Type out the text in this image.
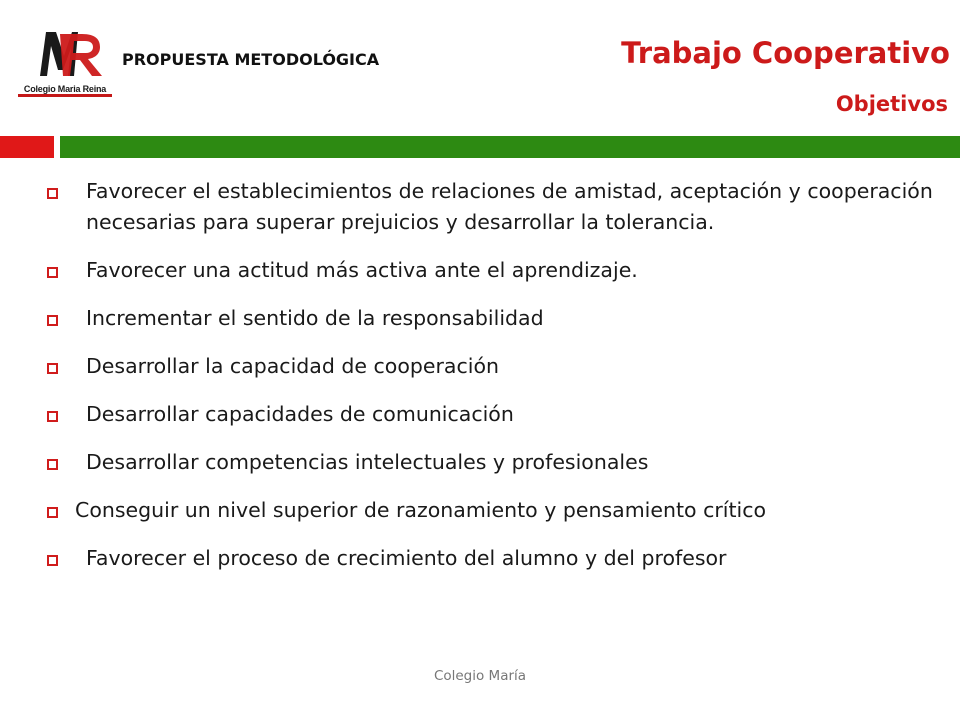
Colegio Maria Reina
PROPUESTA METODOLÓGICA	Trabajo Cooperativo
Objetivos
Favorecer el establecimientos de relaciones de amistad, aceptación y cooperación necesarias para superar prejuicios y desarrollar la tolerancia.
Favorecer una actitud más activa ante el aprendizaje.
Incrementar el sentido de la responsabilidad
Desarrollar la capacidad de cooperación
Desarrollar capacidades de comunicación
Desarrollar competencias intelectuales y profesionales
Conseguir un nivel superior de razonamiento y pensamiento crítico
Favorecer el proceso de crecimiento del alumno y del profesor
Colegio María
